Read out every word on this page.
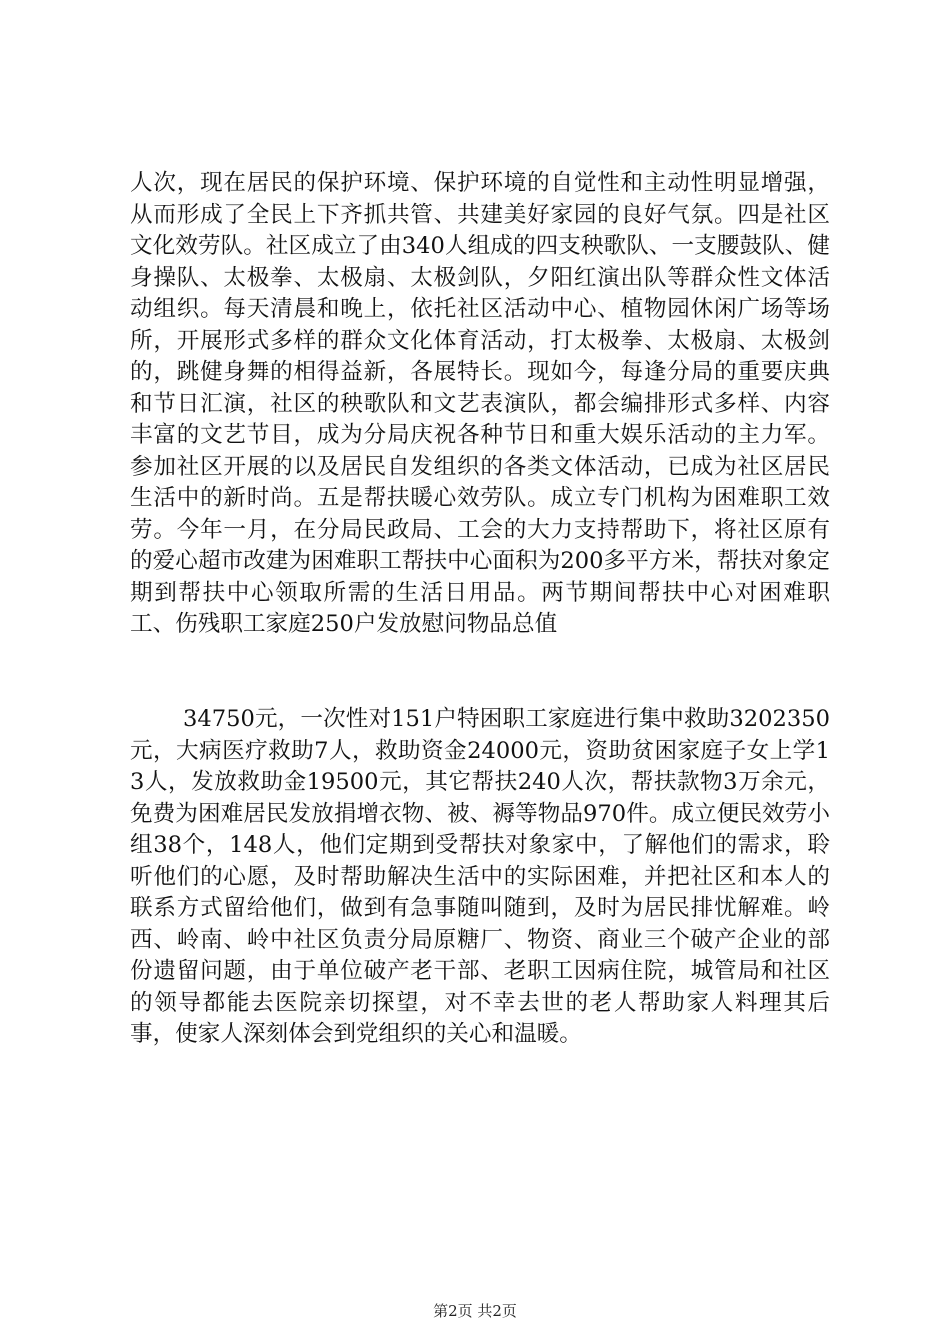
人次，现在居民的保护环境、保护环境的自觉性和主动性明显增强，从而形成了全民上下齐抓共管、共建美好家园的良好气氛。四是社区文化效劳队。社区成立了由340人组成的四支秧歌队、一支腰鼓队、健身操队、太极拳、太极扇、太极剑队，夕阳红演出队等群众性文体活动组织。每天清晨和晚上，依托社区活动中心、植物园休闲广场等场所，开展形式多样的群众文化体育活动，打太极拳、太极扇、太极剑的，跳健身舞的相得益新，各展特长。现如今，每逢分局的重要庆典和节日汇演，社区的秧歌队和文艺表演队，都会编排形式多样、内容丰富的文艺节目，成为分局庆祝各种节日和重大娱乐活动的主力军。参加社区开展的以及居民自发组织的各类文体活动，已成为社区居民生活中的新时尚。五是帮扶暖心效劳队。成立专门机构为困难职工效劳。今年一月，在分局民政局、工会的大力支持帮助下，将社区原有的爱心超市改建为困难职工帮扶中心面积为200多平方米，帮扶对象定期到帮扶中心领取所需的生活日用品。两节期间帮扶中心对困难职工、伤残职工家庭250户发放慰问物品总值

34750元，一次性对151户特困职工家庭进行集中救助3202350元，大病医疗救助7人，救助资金24000元，资助贫困家庭子女上学13人，发放救助金19500元，其它帮扶240人次，帮扶款物3万余元，免费为困难居民发放捐增衣物、被、褥等物品970件。成立便民效劳小组38个，148人，他们定期到受帮扶对象家中，了解他们的需求，聆听他们的心愿，及时帮助解决生活中的实际困难，并把社区和本人的联系方式留给他们，做到有急事随叫随到，及时为居民排忧解难。岭西、岭南、岭中社区负责分局原糖厂、物资、商业三个破产企业的部份遗留问题，由于单位破产老干部、老职工因病住院，城管局和社区的领导都能去医院亲切探望，对不幸去世的老人帮助家人料理其后事，使家人深刻体会到党组织的关心和温暖。

第2页 共2页
